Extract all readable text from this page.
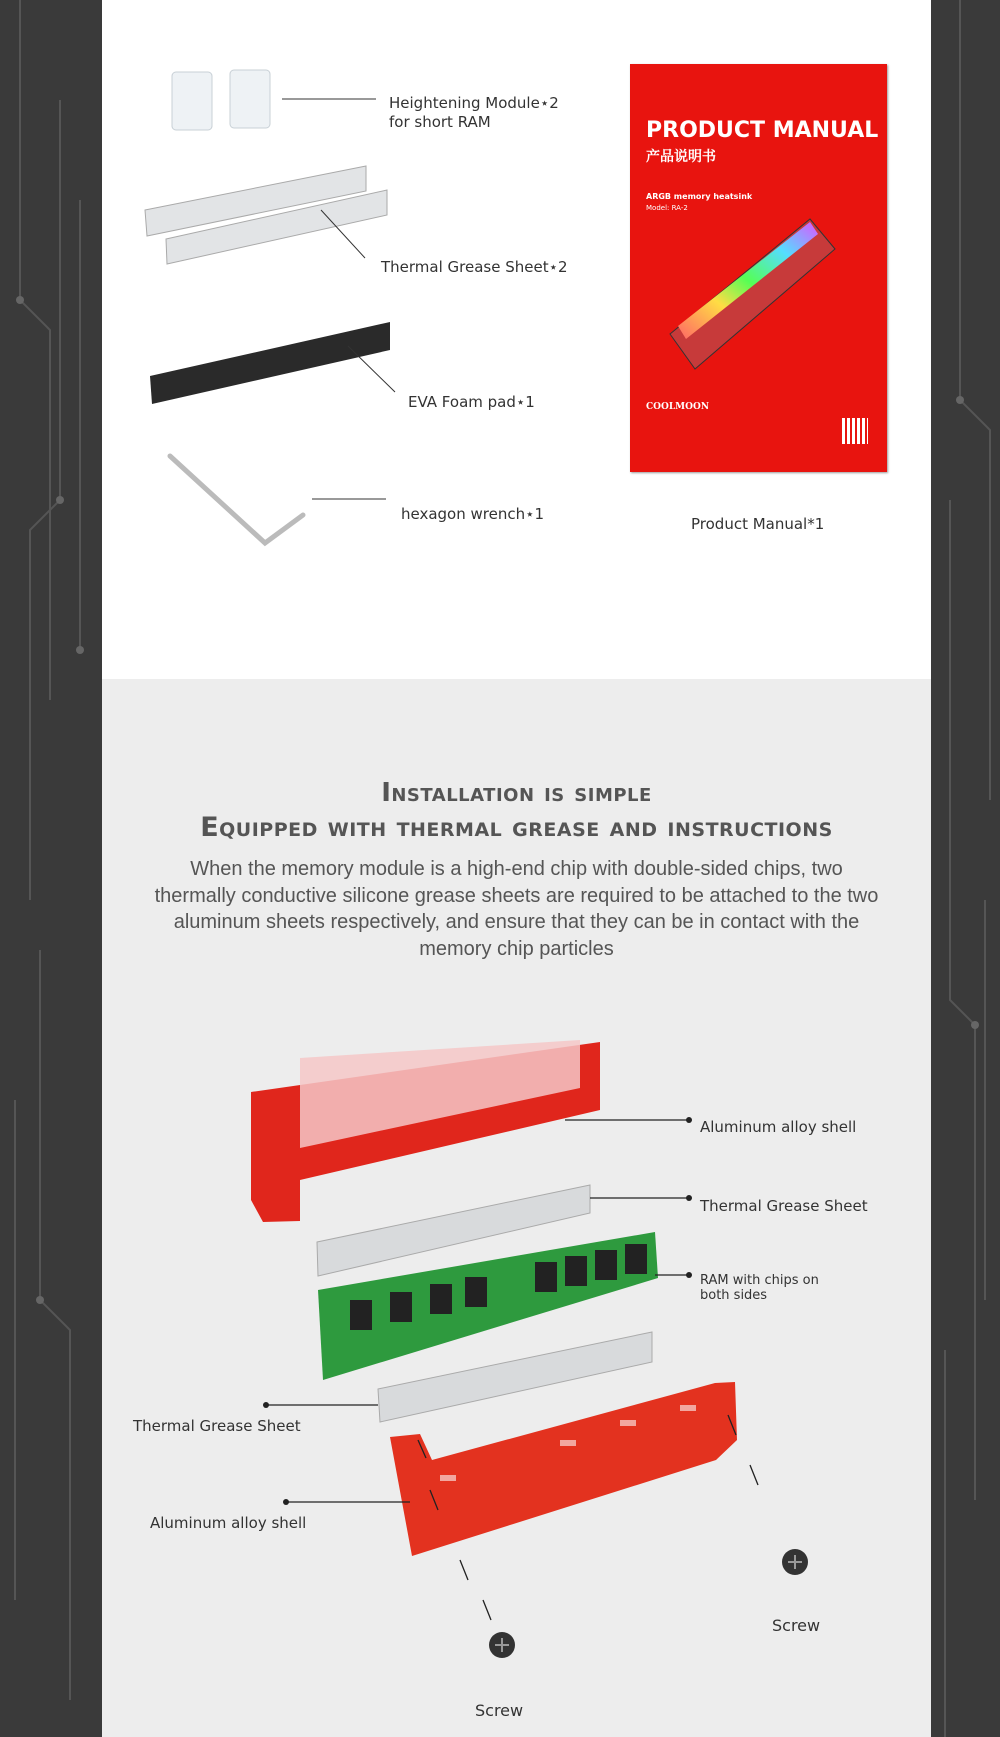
Heightening Module⋆2
for short RAM
Thermal Grease Sheet⋆2
EVA Foam pad⋆1
hexagon wrench⋆1
PRODUCT MANUAL
产品说明书
ARGB memory heatsink
Model: RA-2
COOLMOON
Product Manual*1
Installation is simple
Equipped with thermal grease and instructions
When the memory module is a high-end chip with double-sided chips, two thermally conductive silicone grease sheets are required to be attached to the two aluminum sheets respectively, and ensure that they can be in contact with the memory chip particles
Aluminum alloy shell
Thermal Grease Sheet
RAM with chips on
both sides
Thermal Grease Sheet
Aluminum alloy shell
Screw
Screw
